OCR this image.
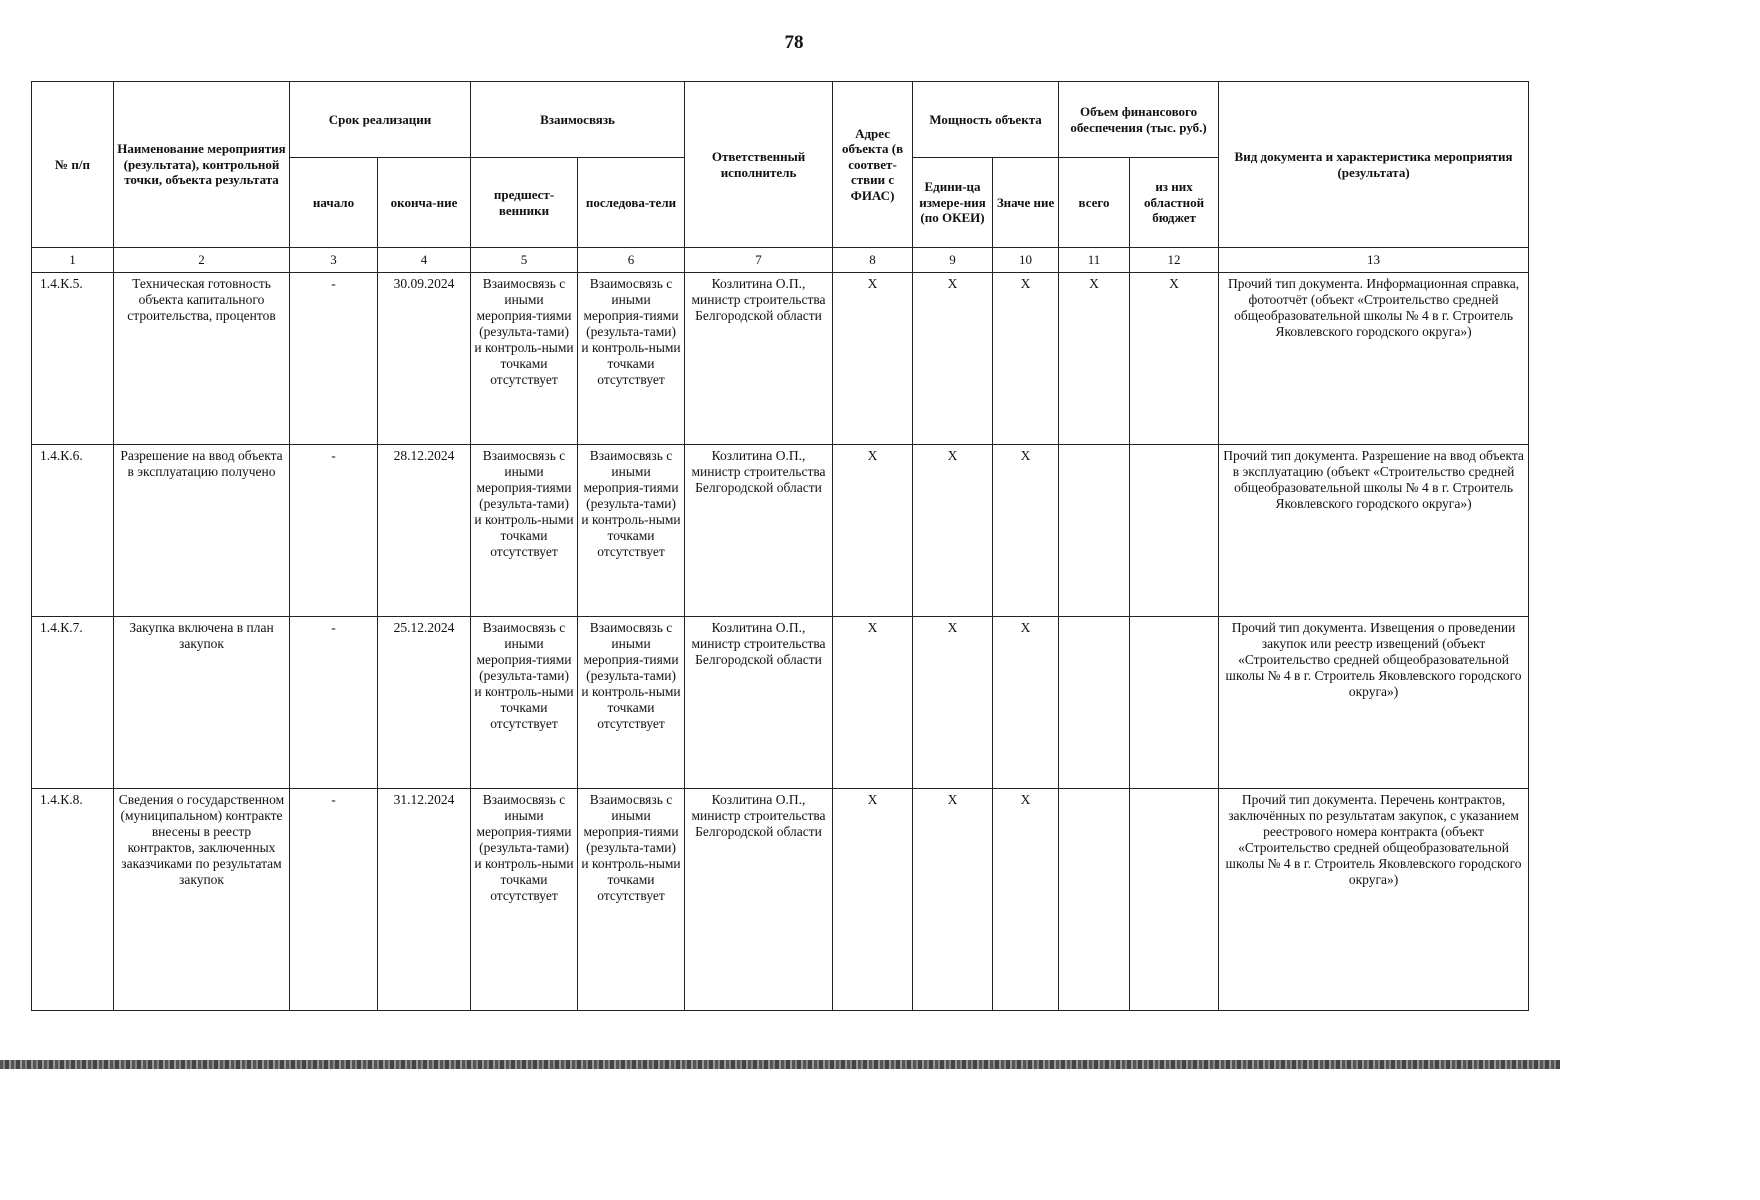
78
№ п/п	Наименование мероприятия (результата), контрольной точки, объекта результата	Срок реализации		Взаимосвязь		Ответственный исполнитель	Адрес объекта (в соответ-ствии с ФИАС)	Мощность объекта		Объем финансового обеспечения (тыс. руб.)		Вид документа и характеристика мероприятия (результата)
		начало	оконча-ние	предшест-венники	последова-тели			Едини-ца измере-ния (по ОКЕИ)	Значе ние	всего	из них областной бюджет	
1	2	3	4	5	6	7	8	9	10	11	12	13
1.4.К.5.	Техническая готовность объекта капитального строительства, процентов	-	30.09.2024	Взаимосвязь с иными мероприя-тиями (результа-тами) и контроль-ными точками отсутствует	Взаимосвязь с иными мероприя-тиями (результа-тами) и контроль-ными точками отсутствует	Козлитина О.П., министр строительства Белгородской области	X	X	X	X	X	Прочий тип документа. Информационная справка, фотоотчёт (объект «Строительство средней общеобразовательной школы № 4 в г. Строитель Яковлевского городского округа»)
1.4.К.6.	Разрешение на ввод объекта в эксплуатацию получено	-	28.12.2024	Взаимосвязь с иными мероприя-тиями (результа-тами) и контроль-ными точками отсутствует	Взаимосвязь с иными мероприя-тиями (результа-тами) и контроль-ными точками отсутствует	Козлитина О.П., министр строительства Белгородской области	X	X	X			Прочий тип документа. Разрешение на ввод объекта в эксплуатацию (объект «Строительство средней общеобразовательной школы № 4 в г. Строитель Яковлевского городского округа»)
1.4.К.7.	Закупка включена в план закупок	-	25.12.2024	Взаимосвязь с иными мероприя-тиями (результа-тами) и контроль-ными точками отсутствует	Взаимосвязь с иными мероприя-тиями (результа-тами) и контроль-ными точками отсутствует	Козлитина О.П., министр строительства Белгородской области	X	X	X			Прочий тип документа. Извещения о проведении закупок или реестр извещений (объект «Строительство средней общеобразовательной школы № 4 в г. Строитель Яковлевского городского округа»)
1.4.К.8.	Сведения о государственном (муниципальном) контракте внесены в реестр контрактов, заключенных заказчиками по результатам закупок	-	31.12.2024	Взаимосвязь с иными мероприя-тиями (результа-тами) и контроль-ными точками отсутствует	Взаимосвязь с иными мероприя-тиями (результа-тами) и контроль-ными точками отсутствует	Козлитина О.П., министр строительства Белгородской области	X	X	X			Прочий тип документа. Перечень контрактов, заключённых по результатам закупок, с указанием реестрового номера контракта (объект «Строительство средней общеобразовательной школы № 4 в г. Строитель Яковлевского городского округа»)
